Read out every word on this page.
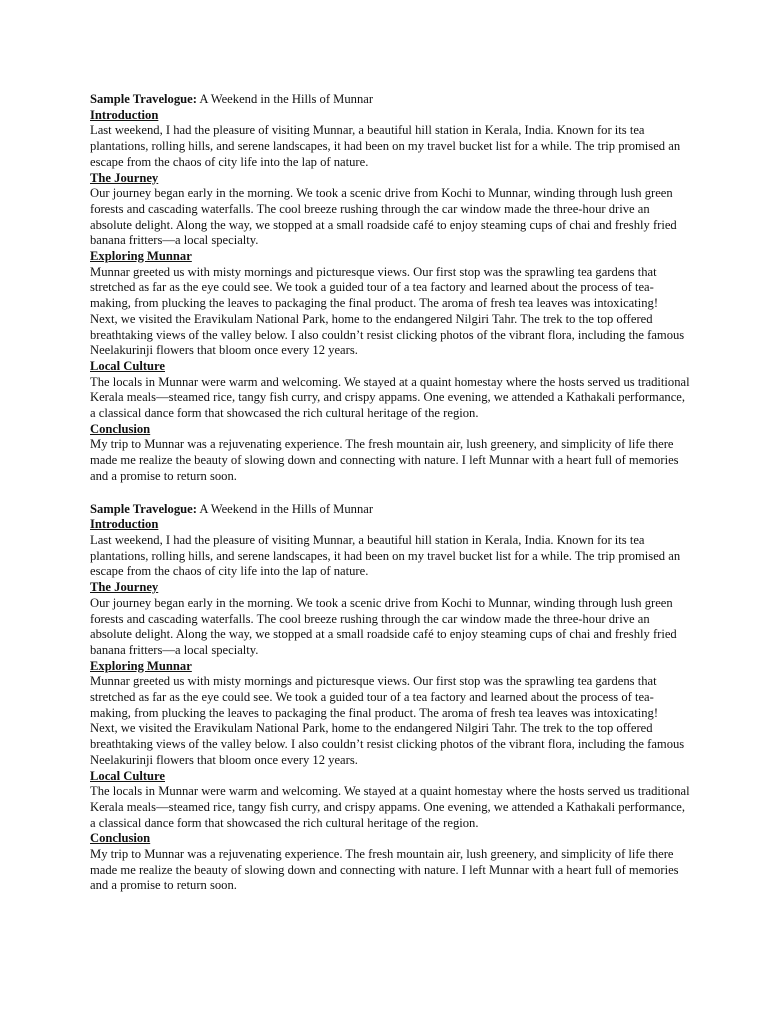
Sample Travelogue: A Weekend in the Hills of Munnar
Introduction

Last weekend, I had the pleasure of visiting Munnar, a beautiful hill station in Kerala, India. Known for its tea plantations, rolling hills, and serene landscapes, it had been on my travel bucket list for a while. The trip promised an escape from the chaos of city life into the lap of nature.

The Journey

Our journey began early in the morning. We took a scenic drive from Kochi to Munnar, winding through lush green forests and cascading waterfalls. The cool breeze rushing through the car window made the three-hour drive an absolute delight. Along the way, we stopped at a small roadside café to enjoy steaming cups of chai and freshly fried banana fritters—a local specialty.

Exploring Munnar

Munnar greeted us with misty mornings and picturesque views. Our first stop was the sprawling tea gardens that stretched as far as the eye could see. We took a guided tour of a tea factory and learned about the process of tea-making, from plucking the leaves to packaging the final product. The aroma of fresh tea leaves was intoxicating!

Next, we visited the Eravikulam National Park, home to the endangered Nilgiri Tahr. The trek to the top offered breathtaking views of the valley below. I also couldn’t resist clicking photos of the vibrant flora, including the famous Neelakurinji flowers that bloom once every 12 years.

Local Culture

The locals in Munnar were warm and welcoming. We stayed at a quaint homestay where the hosts served us traditional Kerala meals—steamed rice, tangy fish curry, and crispy appams. One evening, we attended a Kathakali performance, a classical dance form that showcased the rich cultural heritage of the region.

Conclusion

My trip to Munnar was a rejuvenating experience. The fresh mountain air, lush greenery, and simplicity of life there made me realize the beauty of slowing down and connecting with nature. I left Munnar with a heart full of memories and a promise to return soon.

Sample Travelogue: A Weekend in the Hills of Munnar
Introduction

Last weekend, I had the pleasure of visiting Munnar, a beautiful hill station in Kerala, India. Known for its tea plantations, rolling hills, and serene landscapes, it had been on my travel bucket list for a while. The trip promised an escape from the chaos of city life into the lap of nature.

The Journey

Our journey began early in the morning. We took a scenic drive from Kochi to Munnar, winding through lush green forests and cascading waterfalls. The cool breeze rushing through the car window made the three-hour drive an absolute delight. Along the way, we stopped at a small roadside café to enjoy steaming cups of chai and freshly fried banana fritters—a local specialty.

Exploring Munnar

Munnar greeted us with misty mornings and picturesque views. Our first stop was the sprawling tea gardens that stretched as far as the eye could see. We took a guided tour of a tea factory and learned about the process of tea-making, from plucking the leaves to packaging the final product. The aroma of fresh tea leaves was intoxicating!

Next, we visited the Eravikulam National Park, home to the endangered Nilgiri Tahr. The trek to the top offered breathtaking views of the valley below. I also couldn’t resist clicking photos of the vibrant flora, including the famous Neelakurinji flowers that bloom once every 12 years.

Local Culture

The locals in Munnar were warm and welcoming. We stayed at a quaint homestay where the hosts served us traditional Kerala meals—steamed rice, tangy fish curry, and crispy appams. One evening, we attended a Kathakali performance, a classical dance form that showcased the rich cultural heritage of the region.

Conclusion

My trip to Munnar was a rejuvenating experience. The fresh mountain air, lush greenery, and simplicity of life there made me realize the beauty of slowing down and connecting with nature. I left Munnar with a heart full of memories and a promise to return soon.
